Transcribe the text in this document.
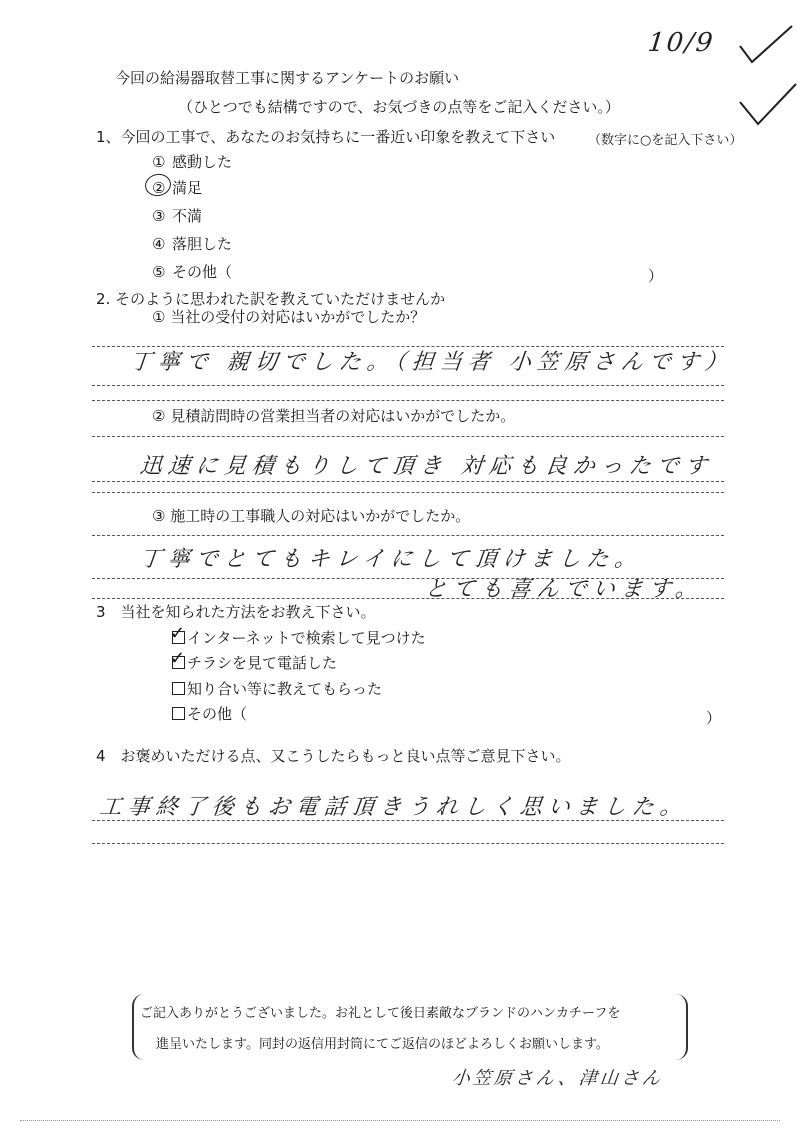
今回の給湯器取替工事に関するアンケートのお願い
（ひとつでも結構ですので、お気づきの点等をご記入ください。）
10/9
1、今回の工事で、あなたのお気持ちに一番近い印象を教えて下さい	（数字に○を記入下さい）
① 感動した
② 満足
③ 不満
④ 落胆した
⑤ その他（	）
2. そのように思われた訳を教えていただけませんか
① 当社の受付の対応はいかがでしたか？
丁寧で 親切でした。（担当者 小笠原さんです）
② 見積訪問時の営業担当者の対応はいかがでしたか。
迅速に見積もりして頂き 対応も良かったです
③ 施工時の工事職人の対応はいかがでしたか。
丁寧でとてもキレイにして頂けました。
とても喜んでいます。
3　当社を知られた方法をお教え下さい。
✓ インターネットで検索して見つけた
✓ チラシを見て電話した
知り合い等に教えてもらった
その他（	）
4　お褒めいただける点、又こうしたらもっと良い点等ご意見下さい。
工事終了後もお電話頂きうれしく思いました。
ご記入ありがとうございました。お礼として後日素敵なブランドのハンカチーフを
進呈いたします。同封の返信用封筒にてご返信のほどよろしくお願いします。
小笠原さん、津山さん
